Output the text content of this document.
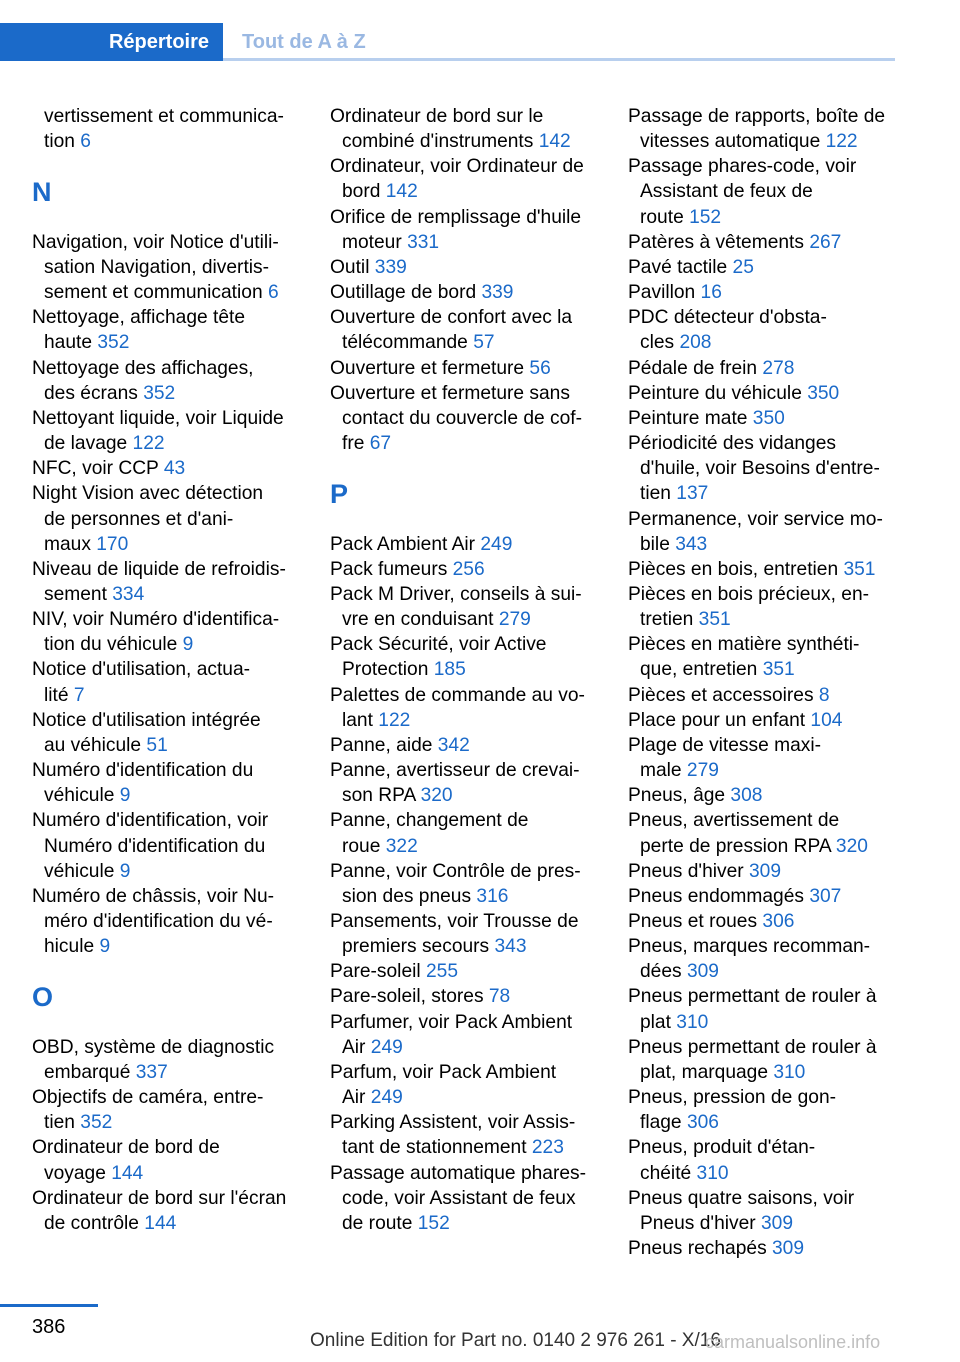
Répertoire Tout de A à Z
vertissement et communica-
tion 6
N
Navigation, voir Notice d'utili-
sation Navigation, divertis-
sement et communication 6
Nettoyage, affichage tête
haute 352
Nettoyage des affichages,
des écrans 352
Nettoyant liquide, voir Liquide
de lavage 122
NFC, voir CCP 43
Night Vision avec détection
de personnes et d'ani-
maux 170
Niveau de liquide de refroidis-
sement 334
NIV, voir Numéro d'identifica-
tion du véhicule 9
Notice d'utilisation, actua-
lité 7
Notice d'utilisation intégrée
au véhicule 51
Numéro d'identification du
véhicule 9
Numéro d'identification, voir
Numéro d'identification du
véhicule 9
Numéro de châssis, voir Nu-
méro d'identification du vé-
hicule 9
O
OBD, système de diagnostic
embarqué 337
Objectifs de caméra, entre-
tien 352
Ordinateur de bord de
voyage 144
Ordinateur de bord sur l'écran
de contrôle 144
Ordinateur de bord sur le
combiné d'instruments 142
Ordinateur, voir Ordinateur de
bord 142
Orifice de remplissage d'huile
moteur 331
Outil 339
Outillage de bord 339
Ouverture de confort avec la
télécommande 57
Ouverture et fermeture 56
Ouverture et fermeture sans
contact du couvercle de cof-
fre 67
P
Pack Ambient Air 249
Pack fumeurs 256
Pack M Driver, conseils à sui-
vre en conduisant 279
Pack Sécurité, voir Active
Protection 185
Palettes de commande au vo-
lant 122
Panne, aide 342
Panne, avertisseur de crevai-
son RPA 320
Panne, changement de
roue 322
Panne, voir Contrôle de pres-
sion des pneus 316
Pansements, voir Trousse de
premiers secours 343
Pare-soleil 255
Pare-soleil, stores 78
Parfumer, voir Pack Ambient
Air 249
Parfum, voir Pack Ambient
Air 249
Parking Assistent, voir Assis-
tant de stationnement 223
Passage automatique phares-
code, voir Assistant de feux
de route 152
Passage de rapports, boîte de
vitesses automatique 122
Passage phares-code, voir
Assistant de feux de
route 152
Patères à vêtements 267
Pavé tactile 25
Pavillon 16
PDC détecteur d'obsta-
cles 208
Pédale de frein 278
Peinture du véhicule 350
Peinture mate 350
Périodicité des vidanges
d'huile, voir Besoins d'entre-
tien 137
Permanence, voir service mo-
bile 343
Pièces en bois, entretien 351
Pièces en bois précieux, en-
tretien 351
Pièces en matière synthéti-
que, entretien 351
Pièces et accessoires 8
Place pour un enfant 104
Plage de vitesse maxi-
male 279
Pneus, âge 308
Pneus, avertissement de
perte de pression RPA 320
Pneus d'hiver 309
Pneus endommagés 307
Pneus et roues 306
Pneus, marques recomman-
dées 309
Pneus permettant de rouler à
plat 310
Pneus permettant de rouler à
plat, marquage 310
Pneus, pression de gon-
flage 306
Pneus, produit d'étan-
chéité 310
Pneus quatre saisons, voir
Pneus d'hiver 309
Pneus rechapés 309
386
Online Edition for Part no. 0140 2 976 261 - X/16
carmanualsonline.info
